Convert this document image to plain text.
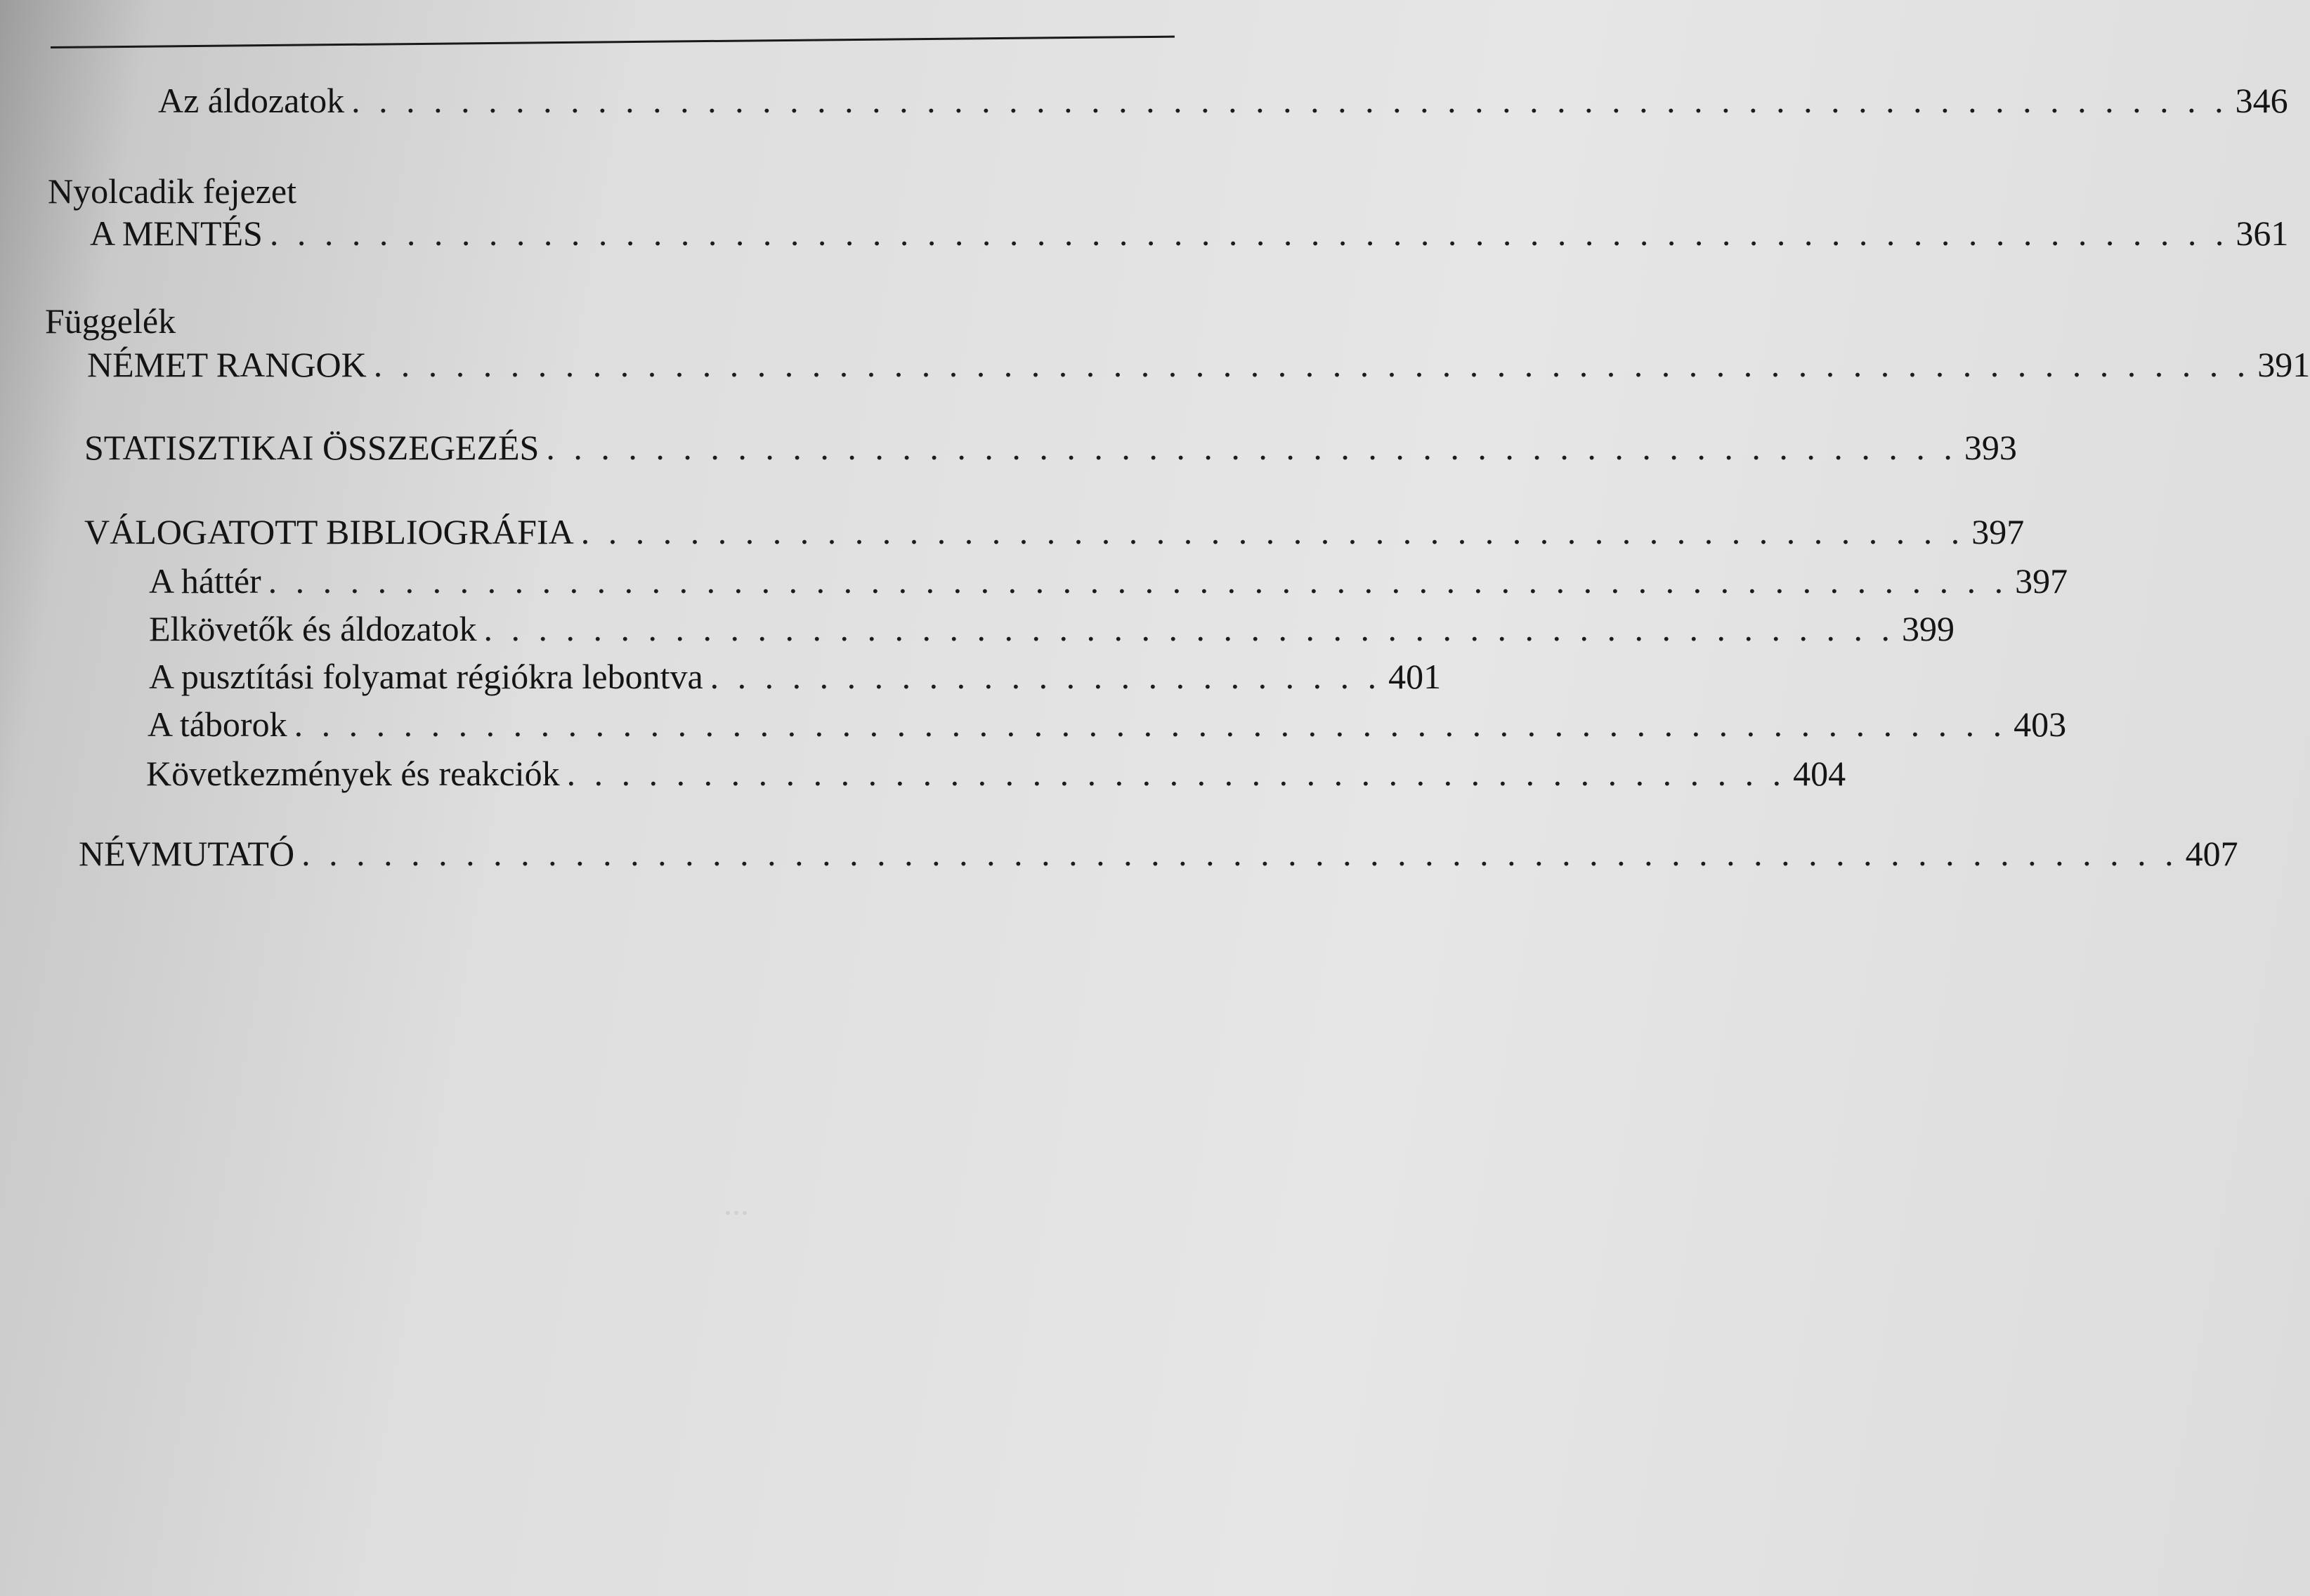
...
Az áldozatok . . . . . . . . . . . . . . . . . . . . . . . . . . . . . . . . . . . . . . . . . . . . . . . . . . . . . . . . . . . . . . . . . . . . . 346
Nyolcadik fejezet
A MENTÉS . . . . . . . . . . . . . . . . . . . . . . . . . . . . . . . . . . . . . . . . . . . . . . . . . . . . . . . . . . . . . . . . . . . . . . . . 361
Függelék
NÉMET RANGOK . . . . . . . . . . . . . . . . . . . . . . . . . . . . . . . . . . . . . . . . . . . . . . . . . . . . . . . . . . . . . . . . . . . . . 391
STATISZTIKAI ÖSSZEGEZÉS . . . . . . . . . . . . . . . . . . . . . . . . . . . . . . . . . . . . . . . . . . . . . . . . . . . . 393
VÁLOGATOTT BIBLIOGRÁFIA . . . . . . . . . . . . . . . . . . . . . . . . . . . . . . . . . . . . . . . . . . . . . . . . . . . 397
A háttér . . . . . . . . . . . . . . . . . . . . . . . . . . . . . . . . . . . . . . . . . . . . . . . . . . . . . . . . . . . . . . . . 397
Elkövetők és áldozatok . . . . . . . . . . . . . . . . . . . . . . . . . . . . . . . . . . . . . . . . . . . . . . . . . . . . 399
A pusztítási folyamat régiókra lebontva . . . . . . . . . . . . . . . . . . . . . . . . . 401
A táborok . . . . . . . . . . . . . . . . . . . . . . . . . . . . . . . . . . . . . . . . . . . . . . . . . . . . . . . . . . . . . . . 403
Következmények és reakciók . . . . . . . . . . . . . . . . . . . . . . . . . . . . . . . . . . . . . . . . . . . . . 404
NÉVMUTATÓ . . . . . . . . . . . . . . . . . . . . . . . . . . . . . . . . . . . . . . . . . . . . . . . . . . . . . . . . . . . . . . . . . . . . . 407
